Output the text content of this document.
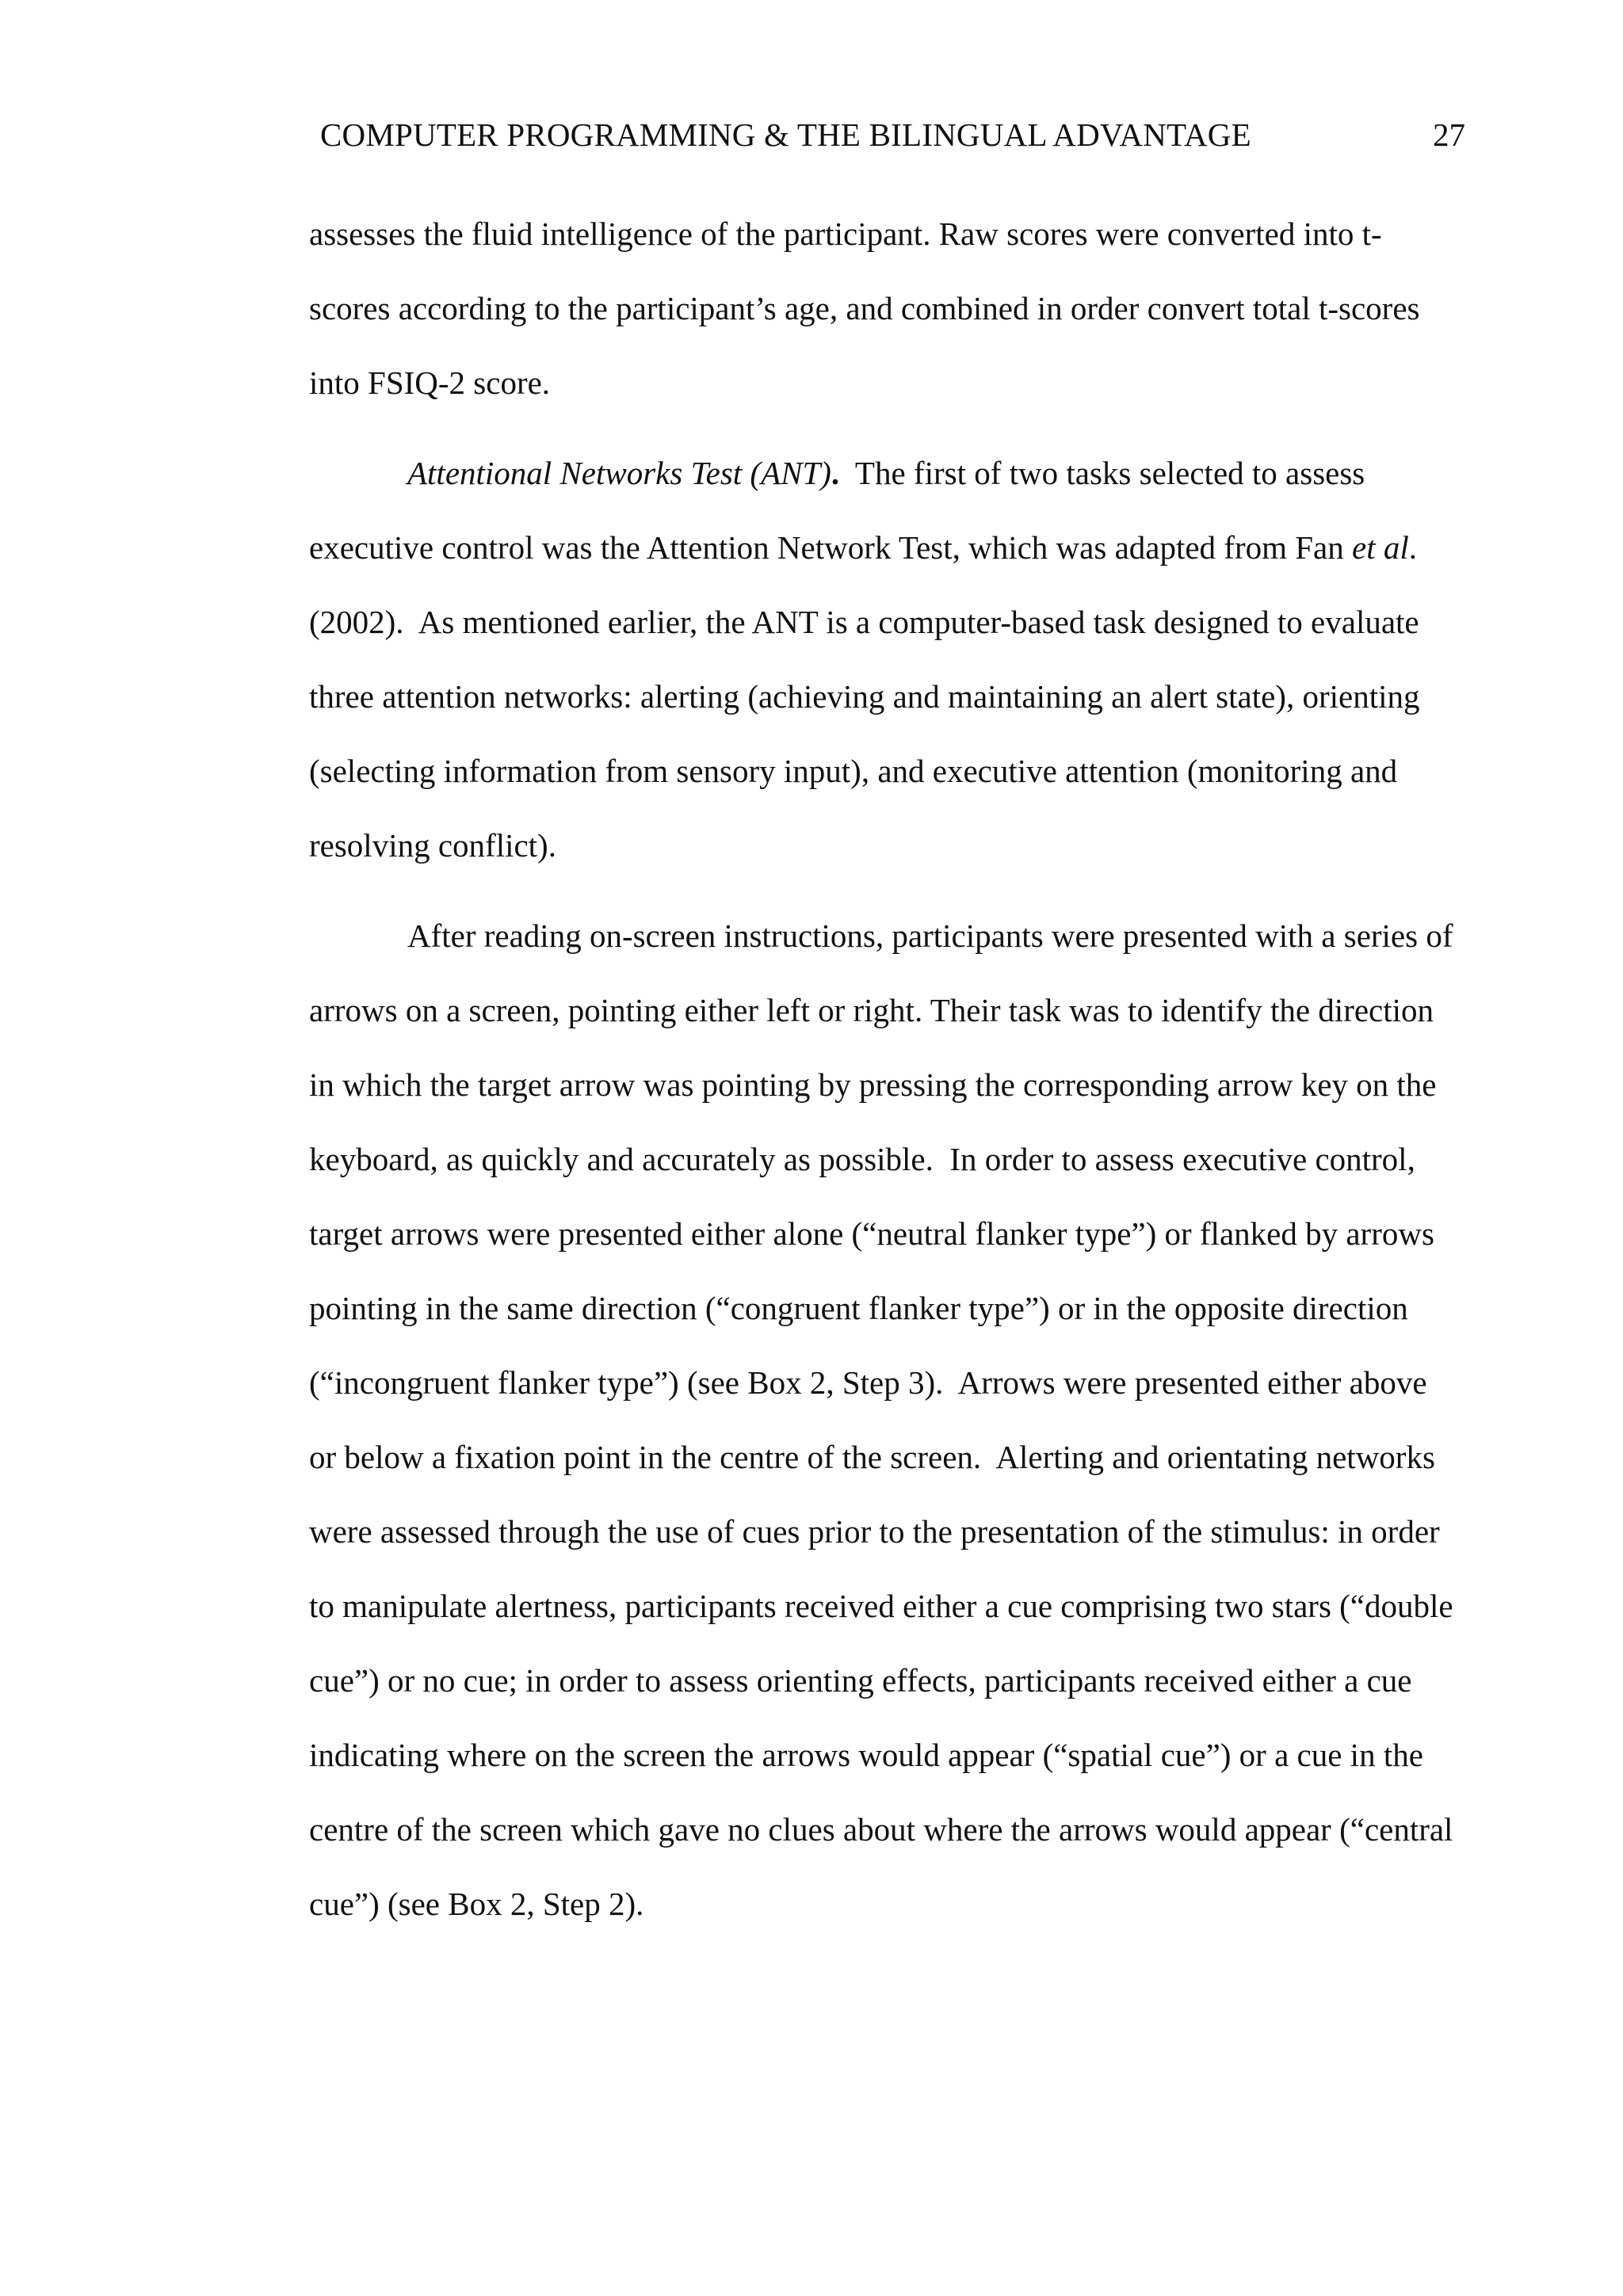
COMPUTER PROGRAMMING & THE BILINGUAL ADVANTAGE	27
assesses the fluid intelligence of the participant. Raw scores were converted into t-
scores according to the participant’s age, and combined in order convert total t-scores
into FSIQ-2 score.
Attentional Networks Test (ANT).  The first of two tasks selected to assess
executive control was the Attention Network Test, which was adapted from Fan et al.
(2002).  As mentioned earlier, the ANT is a computer-based task designed to evaluate
three attention networks: alerting (achieving and maintaining an alert state), orienting
(selecting information from sensory input), and executive attention (monitoring and
resolving conflict).
After reading on-screen instructions, participants were presented with a series of
arrows on a screen, pointing either left or right. Their task was to identify the direction
in which the target arrow was pointing by pressing the corresponding arrow key on the
keyboard, as quickly and accurately as possible.  In order to assess executive control,
target arrows were presented either alone (“neutral flanker type”) or flanked by arrows
pointing in the same direction (“congruent flanker type”) or in the opposite direction
(“incongruent flanker type”) (see Box 2, Step 3).  Arrows were presented either above
or below a fixation point in the centre of the screen.  Alerting and orientating networks
were assessed through the use of cues prior to the presentation of the stimulus: in order
to manipulate alertness, participants received either a cue comprising two stars (“double
cue”) or no cue; in order to assess orienting effects, participants received either a cue
indicating where on the screen the arrows would appear (“spatial cue”) or a cue in the
centre of the screen which gave no clues about where the arrows would appear (“central
cue”) (see Box 2, Step 2).
